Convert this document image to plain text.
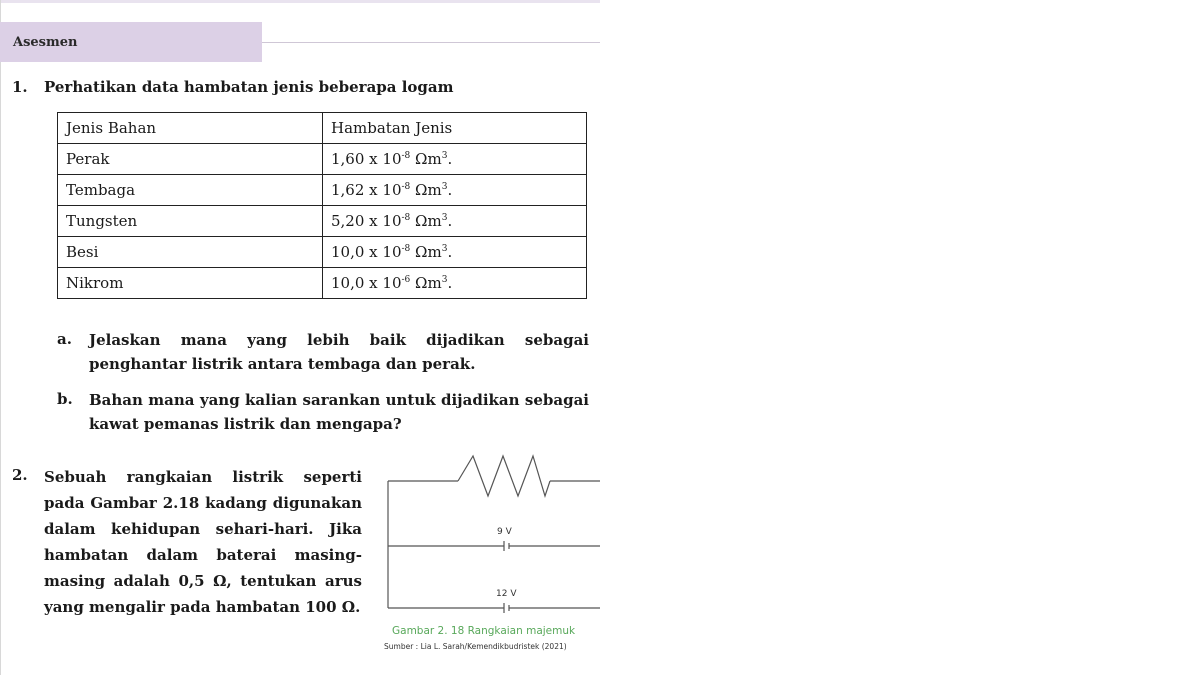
Asesmen
1. Perhatikan data hambatan jenis beberapa logam
Jenis Bahan	Hambatan Jenis
Perak	1,60 x $10^{-8}$ $\Omega m^3$.
Tembaga	1,62 x $10^{-8}$ $\Omega m^3$.
Tungsten	5,20 x $10^{-8}$ $\Omega m^3$.
Besi	10,0 x $10^{-8}$ $\Omega m^3$.
Nikrom	10,0 x $10^{-6}$ $\Omega m^3$.
a. Jelaskan mana yang lebih baik dijadikan sebagai
penghantar listrik antara tembaga dan perak.
b. Bahan mana yang kalian sarankan untuk dijadikan sebagai
kawat pemanas listrik dan mengapa?
2. Sebuah rangkaian listrik seperti
pada Gambar 2.18 kadang digunakan
dalam kehidupan sehari-hari. Jika
hambatan dalam baterai masing-
masing adalah 0,5 Ω, tentukan arus
yang mengalir pada hambatan 100 Ω.
9 V
12 V
Gambar 2. 18 Rangkaian majemuk
Sumber : Lia L. Sarah/Kemendikbudristek (2021)
